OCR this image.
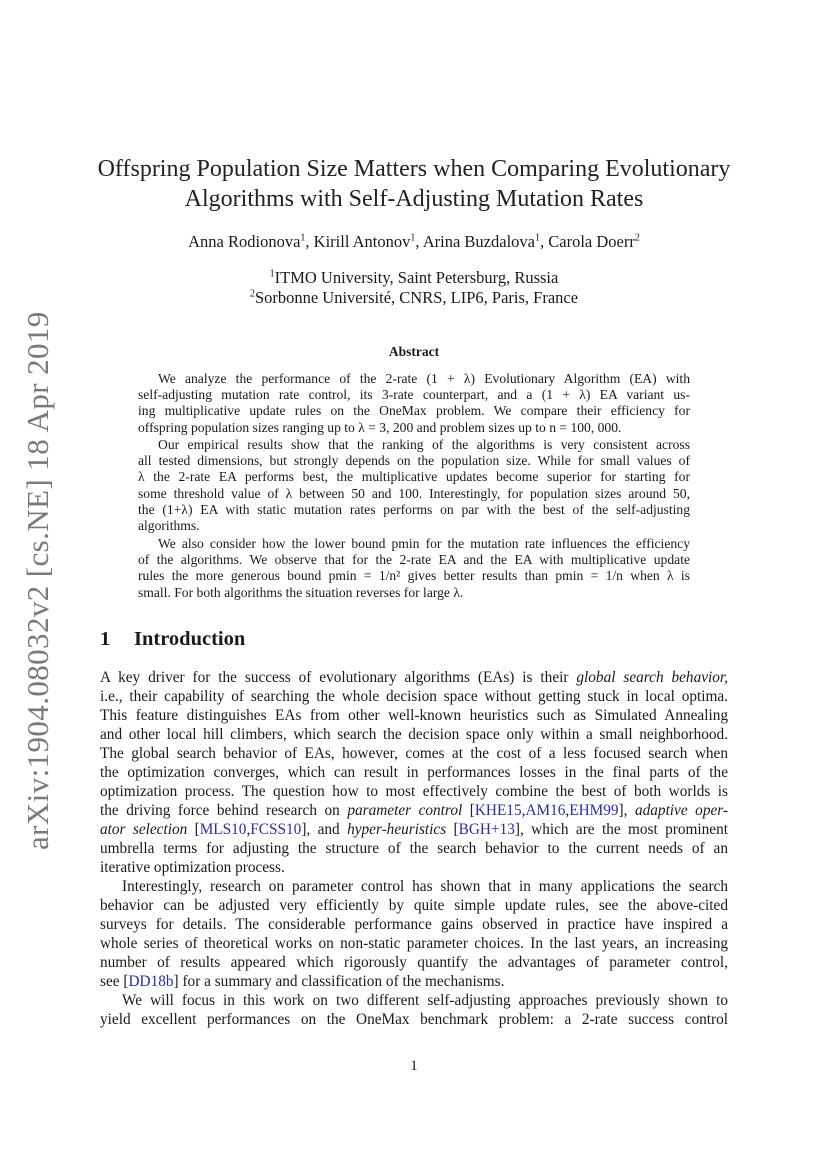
arXiv:1904.08032v2 [cs.NE] 18 Apr 2019
Offspring Population Size Matters when Comparing Evolutionary
Algorithms with Self-Adjusting Mutation Rates
Anna Rodionova$^1$, Kirill Antonov$^1$, Arina Buzdalova$^1$, Carola Doerr$^2$
$^1$ITMO University, Saint Petersburg, Russia
$^2$Sorbonne Université, CNRS, LIP6, Paris, France
Abstract
We analyze the performance of the 2-rate (1 + λ) Evolutionary Algorithm (EA) with
self-adjusting mutation rate control, its 3-rate counterpart, and a (1 + λ) EA variant us-
ing multiplicative update rules on the OneMax problem. We compare their efficiency for
offspring population sizes ranging up to λ = 3, 200 and problem sizes up to n = 100, 000.
Our empirical results show that the ranking of the algorithms is very consistent across
all tested dimensions, but strongly depends on the population size. While for small values of
λ the 2-rate EA performs best, the multiplicative updates become superior for starting for
some threshold value of λ between 50 and 100. Interestingly, for population sizes around 50,
the (1+λ) EA with static mutation rates performs on par with the best of the self-adjusting
algorithms.
We also consider how the lower bound pmin for the mutation rate influences the efficiency
of the algorithms. We observe that for the 2-rate EA and the EA with multiplicative update
rules the more generous bound pmin = 1/n² gives better results than pmin = 1/n when λ is
small. For both algorithms the situation reverses for large λ.
1 Introduction
A key driver for the success of evolutionary algorithms (EAs) is their global search behavior,
i.e., their capability of searching the whole decision space without getting stuck in local optima.
This feature distinguishes EAs from other well-known heuristics such as Simulated Annealing
and other local hill climbers, which search the decision space only within a small neighborhood.
The global search behavior of EAs, however, comes at the cost of a less focused search when
the optimization converges, which can result in performances losses in the final parts of the
optimization process. The question how to most effectively combine the best of both worlds is
the driving force behind research on parameter control [KHE15,AM16,EHM99], adaptive oper-
ator selection [MLS10,FCSS10], and hyper-heuristics [BGH+13], which are the most prominent
umbrella terms for adjusting the structure of the search behavior to the current needs of an
iterative optimization process.
Interestingly, research on parameter control has shown that in many applications the search
behavior can be adjusted very efficiently by quite simple update rules, see the above-cited
surveys for details. The considerable performance gains observed in practice have inspired a
whole series of theoretical works on non-static parameter choices. In the last years, an increasing
number of results appeared which rigorously quantify the advantages of parameter control,
see [DD18b] for a summary and classification of the mechanisms.
We will focus in this work on two different self-adjusting approaches previously shown to
yield excellent performances on the OneMax benchmark problem: a 2-rate success control
1
